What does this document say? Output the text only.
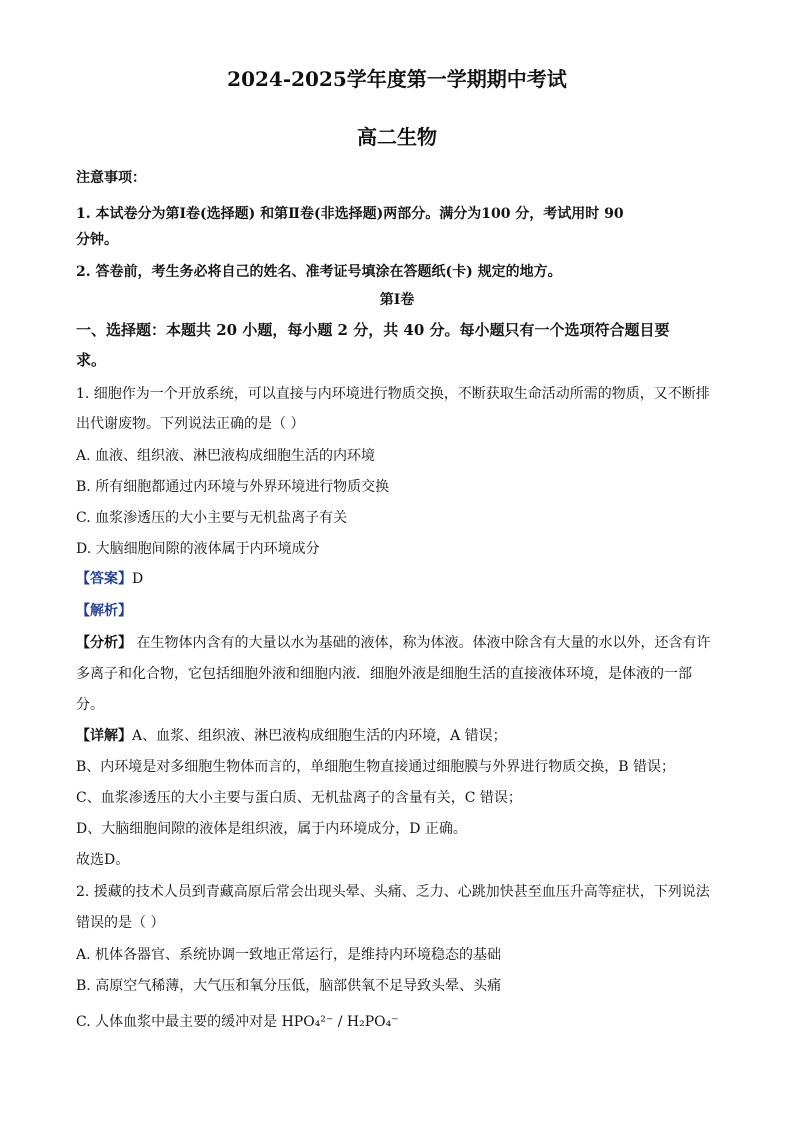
2024-2025学年度第一学期期中考试
高二生物
注意事项：
1. 本试卷分为第Ⅰ卷(选择题) 和第Ⅱ卷(非选择题)两部分。满分为100 分，考试用时 90
分钟。
2. 答卷前，考生务必将自己的姓名、准考证号填涂在答题纸(卡) 规定的地方。
第Ⅰ卷
一、选择题：本题共 20 小题，每小题 2 分，共 40 分。每小题只有一个选项符合题目要
求。
1. 细胞作为一个开放系统，可以直接与内环境进行物质交换，不断获取生命活动所需的物质，又不断排
出代谢废物。下列说法正确的是（ ）
A. 血液、组织液、淋巴液构成细胞生活的内环境
B. 所有细胞都通过内环境与外界环境进行物质交换
C. 血浆渗透压的大小主要与无机盐离子有关
D. 大脑细胞间隙的液体属于内环境成分
【答案】D
【解析】
【分析】 在生物体内含有的大量以水为基础的液体，称为体液。体液中除含有大量的水以外，还含有许
多离子和化合物，它包括细胞外液和细胞内液．细胞外液是细胞生活的直接液体环境，是体液的一部
分。
【详解】A、血浆、组织液、淋巴液构成细胞生活的内环境，A 错误；
B、内环境是对多细胞生物体而言的，单细胞生物直接通过细胞膜与外界进行物质交换，B 错误；
C、血浆渗透压的大小主要与蛋白质、无机盐离子的含量有关，C 错误；
D、大脑细胞间隙的液体是组织液，属于内环境成分，D 正确。
故选D。
2. 援藏的技术人员到青藏高原后常会出现头晕、头痛、乏力、心跳加快甚至血压升高等症状，下列说法
错误的是（ ）
A. 机体各器官、系统协调一致地正常运行，是维持内环境稳态的基础
B. 高原空气稀薄，大气压和氧分压低，脑部供氧不足导致头晕、头痛
C. 人体血浆中最主要的缓冲对是 HPO₄²⁻ / H₂PO₄⁻
